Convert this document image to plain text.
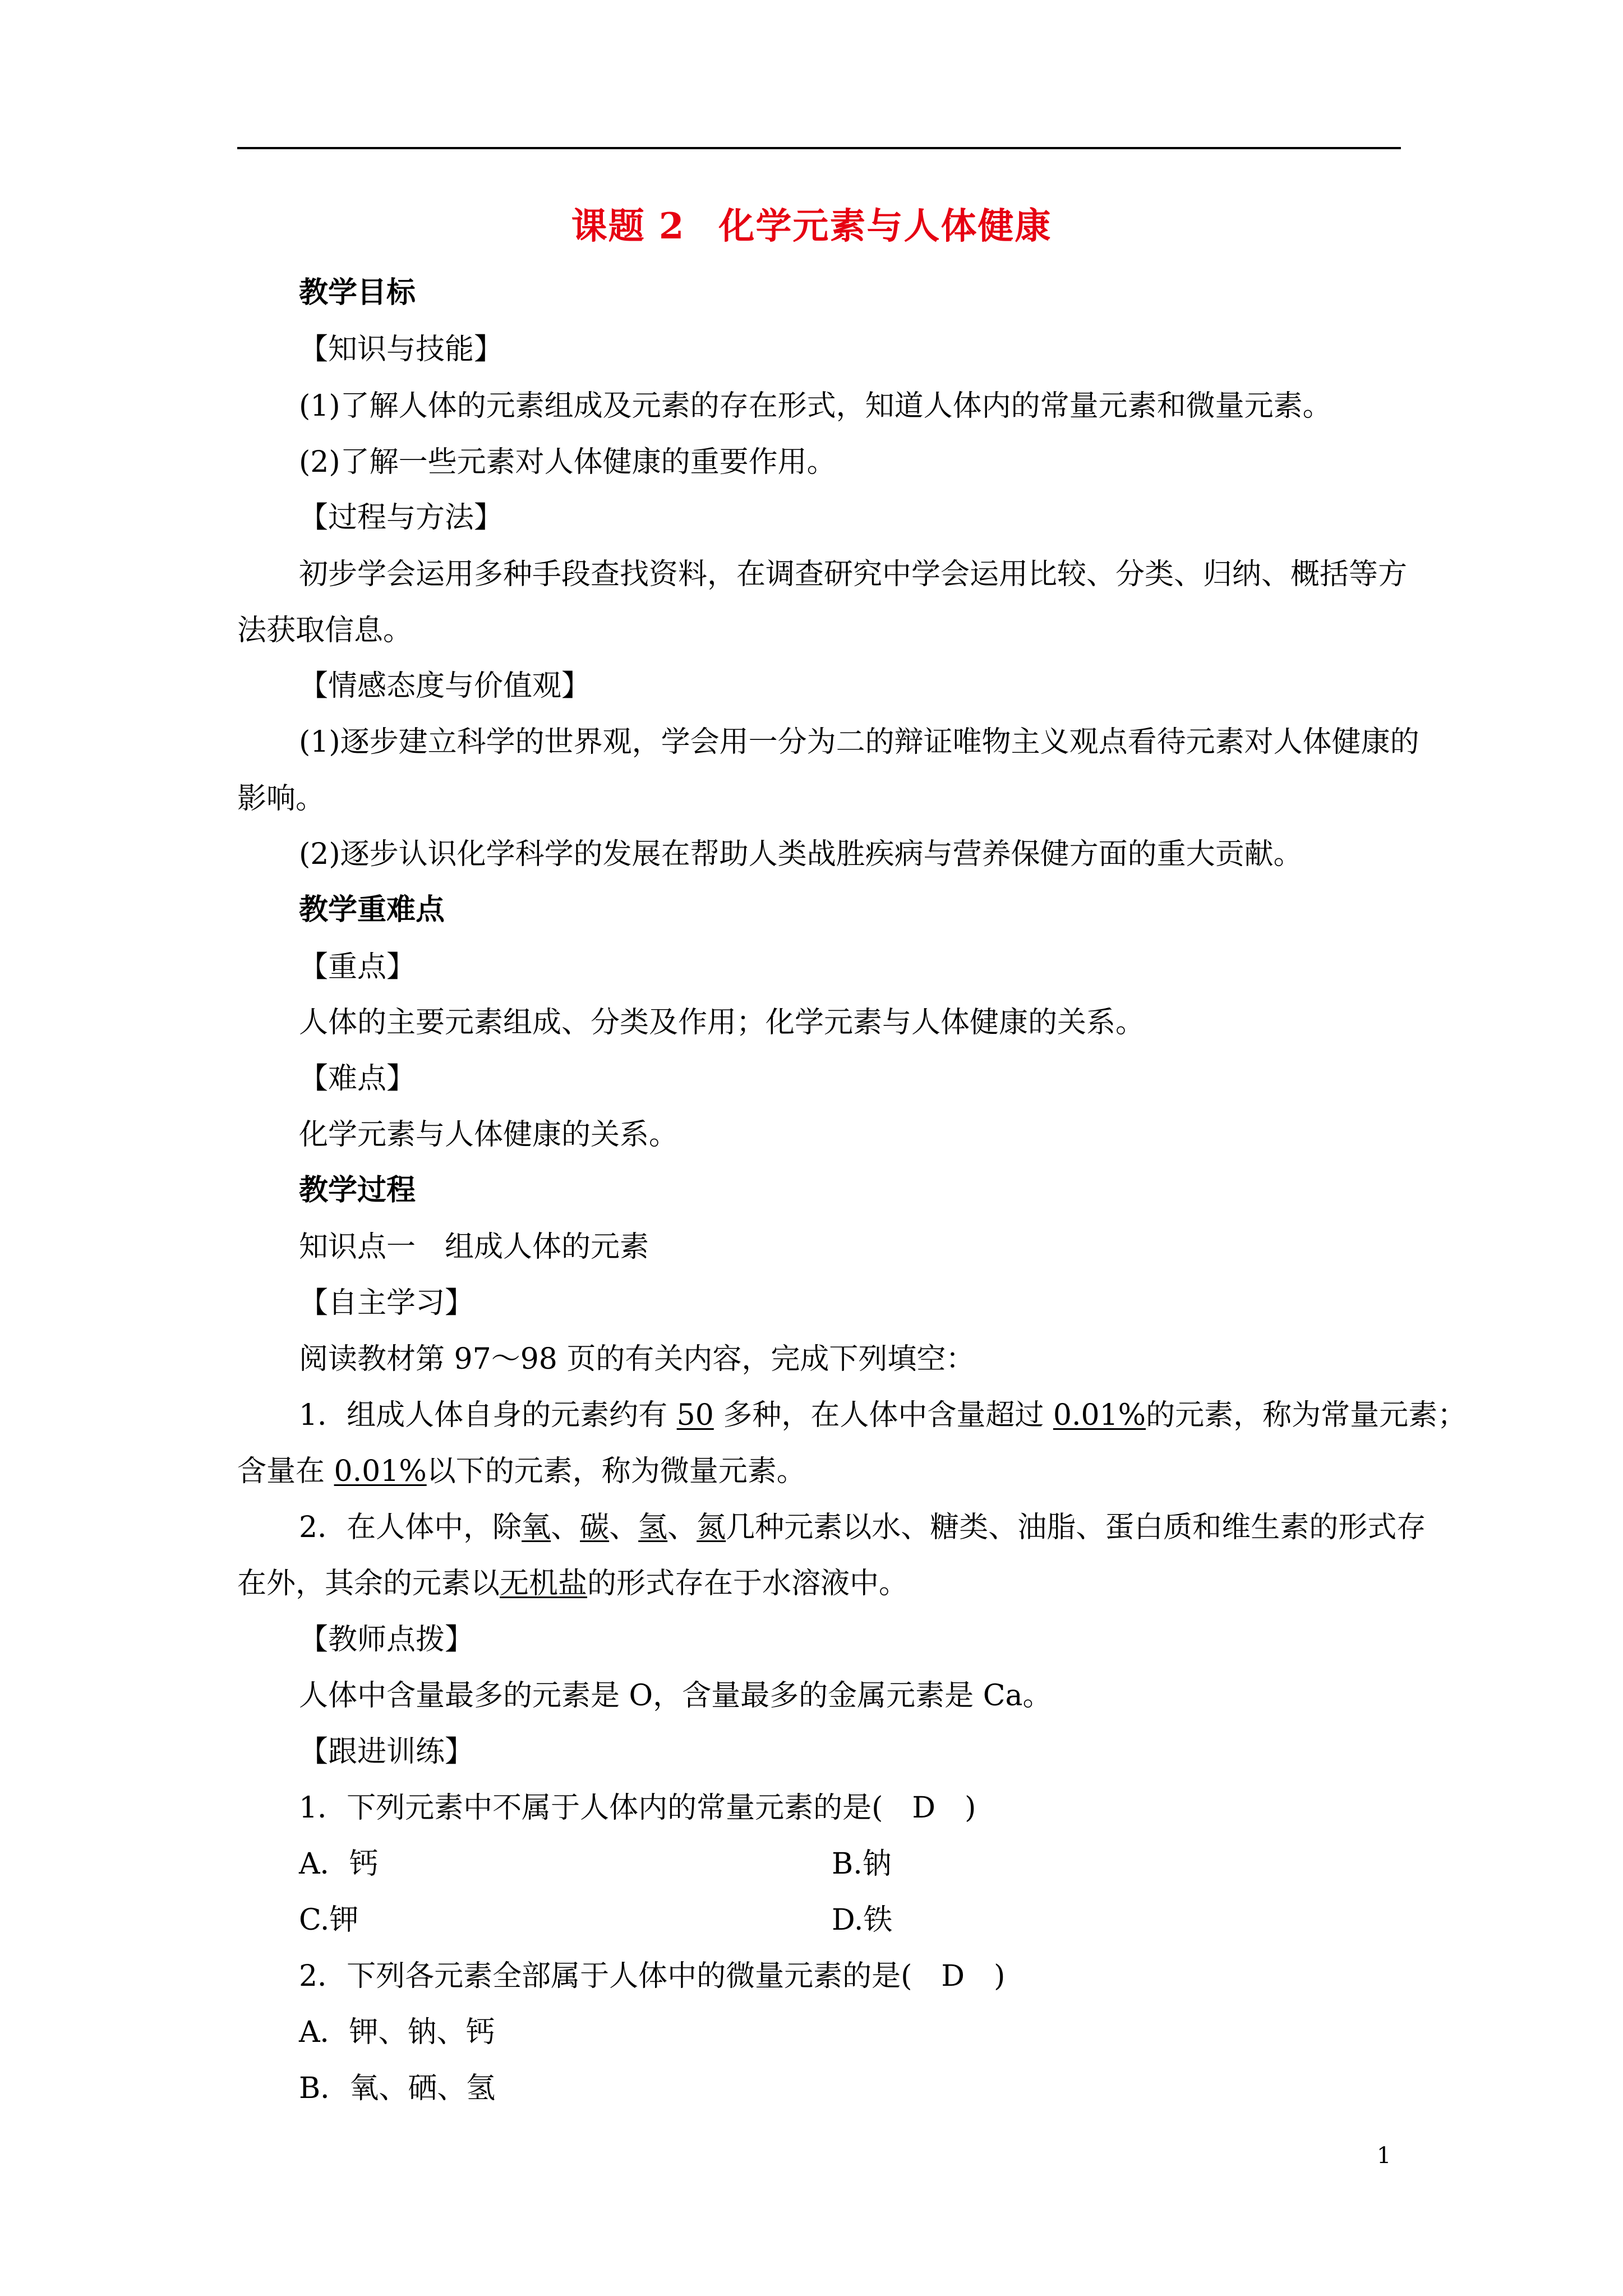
课题 2 化学元素与人体健康
教学目标
【知识与技能】
(1)了解人体的元素组成及元素的存在形式，知道人体内的常量元素和微量元素。
(2)了解一些元素对人体健康的重要作用。
【过程与方法】
初步学会运用多种手段查找资料，在调查研究中学会运用比较、分类、归纳、概括等方
法获取信息。
【情感态度与价值观】
(1)逐步建立科学的世界观，学会用一分为二的辩证唯物主义观点看待元素对人体健康的
影响。
(2)逐步认识化学科学的发展在帮助人类战胜疾病与营养保健方面的重大贡献。
教学重难点
【重点】
人体的主要元素组成、分类及作用；化学元素与人体健康的关系。
【难点】
化学元素与人体健康的关系。
教学过程
知识点一　组成人体的元素
【自主学习】
阅读教材第 97～98 页的有关内容，完成下列填空：
1．组成人体自身的元素约有 50 多种，在人体中含量超过 0.01%的元素，称为常量元素；
含量在 0.01%以下的元素，称为微量元素。
2．在人体中，除氧、碳、氢、氮几种元素以水、糖类、油脂、蛋白质和维生素的形式存
在外，其余的元素以无机盐的形式存在于水溶液中。
【教师点拨】
人体中含量最多的元素是 O，含量最多的金属元素是 Ca。
【跟进训练】
1．下列元素中不属于人体内的常量元素的是(　D　)
A．钙	B.钠
C.钾	D.铁
2．下列各元素全部属于人体中的微量元素的是(　D　)
A．钾、钠、钙
B．氧、硒、氢
1
